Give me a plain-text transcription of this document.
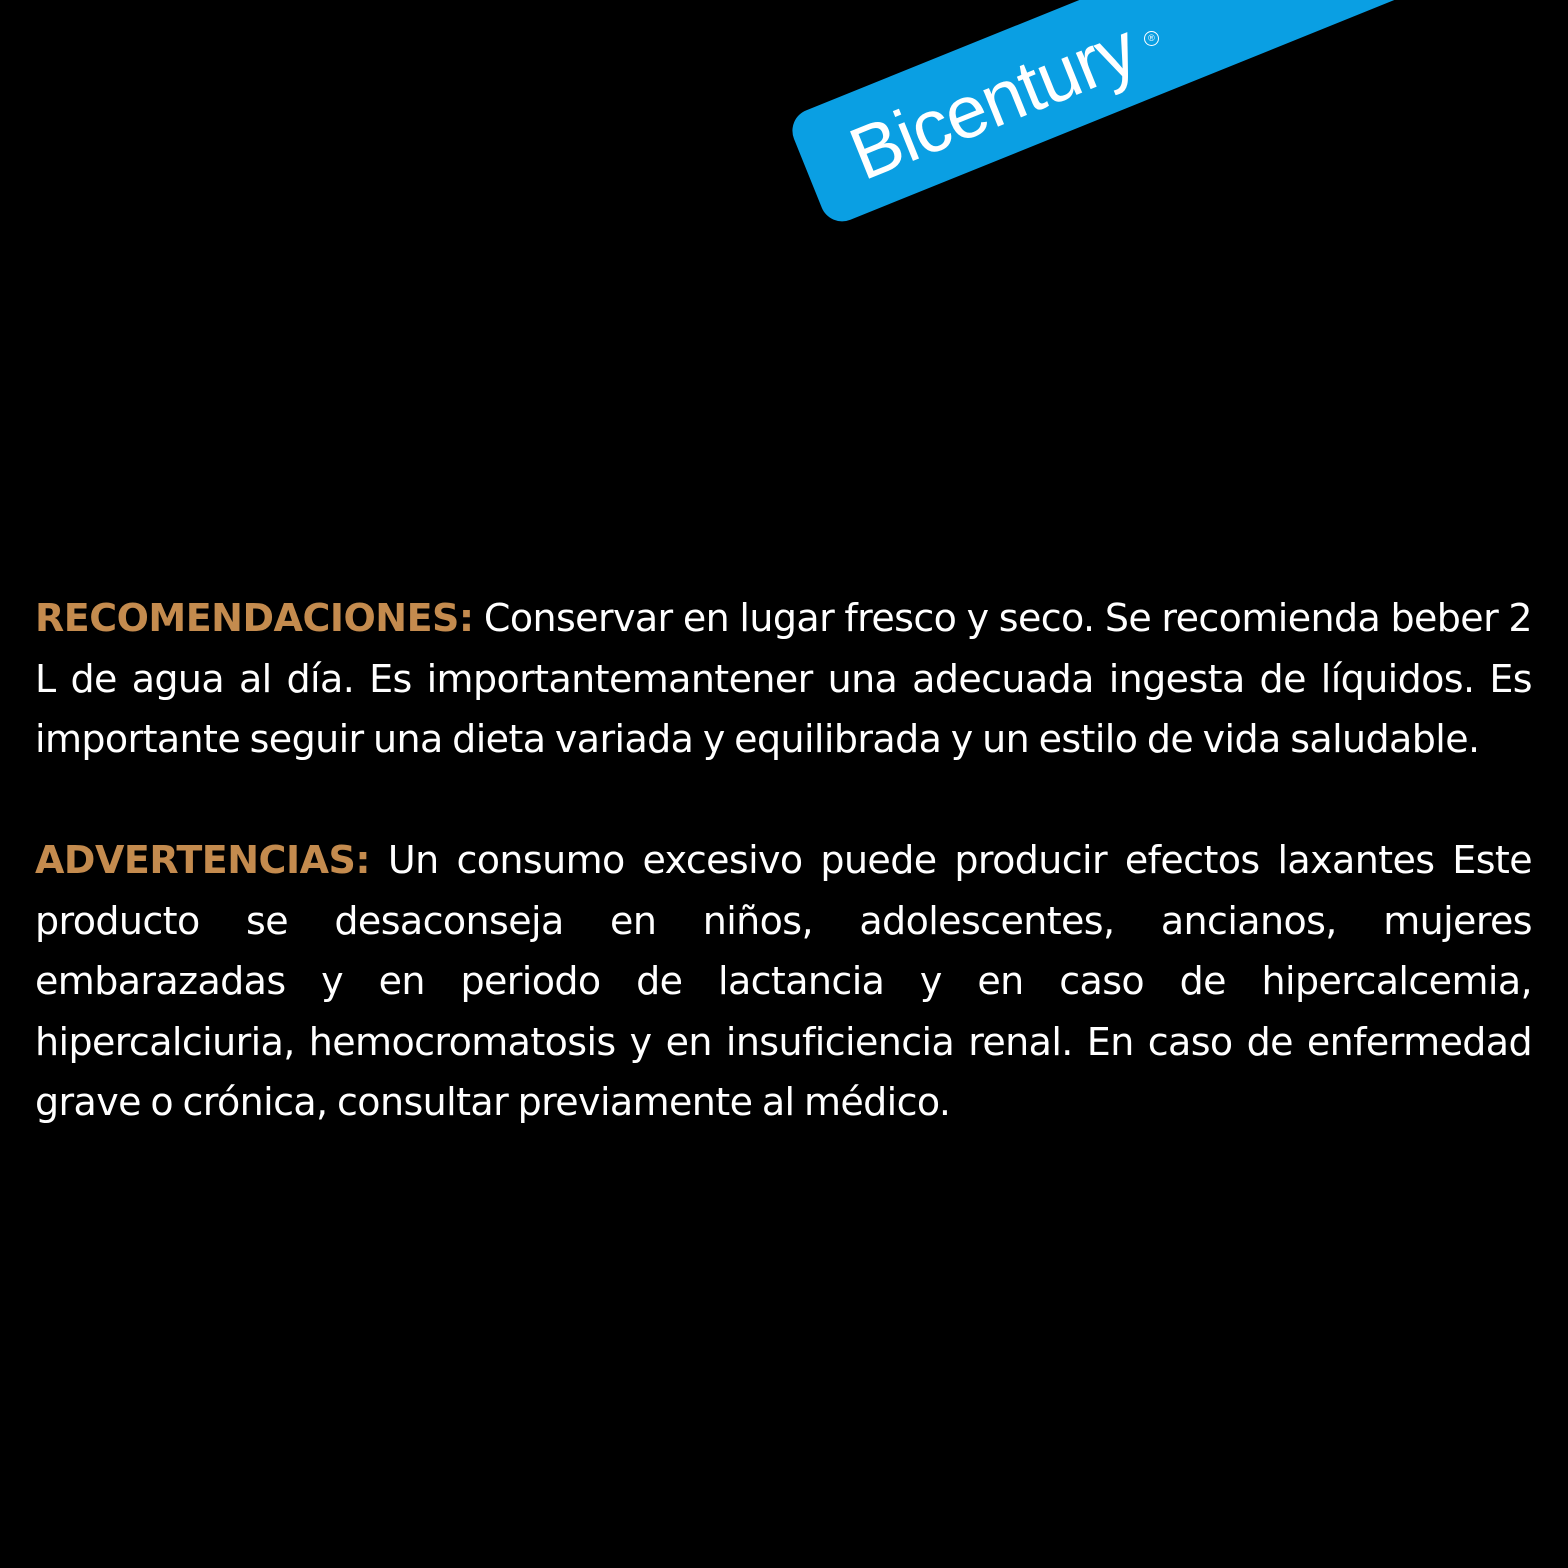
Bicentury ®

RECOMENDACIONES: Conservar en lugar fresco y seco. Se recomienda beber 2 L de agua al día. Es importantemantener una adecuada ingesta de líquidos. Es importante seguir una dieta variada y equilibrada y un estilo de vida saludable.

ADVERTENCIAS: Un consumo excesivo puede producir efectos laxantes Este producto se desaconseja en niños, adolescentes, ancianos, mujeres embarazadas y en periodo de lactancia y en caso de hipercalcemia, hipercalciuria, hemocromatosis y en insuficiencia renal. En caso de enfermedad grave o crónica, consultar previamente al médico.
